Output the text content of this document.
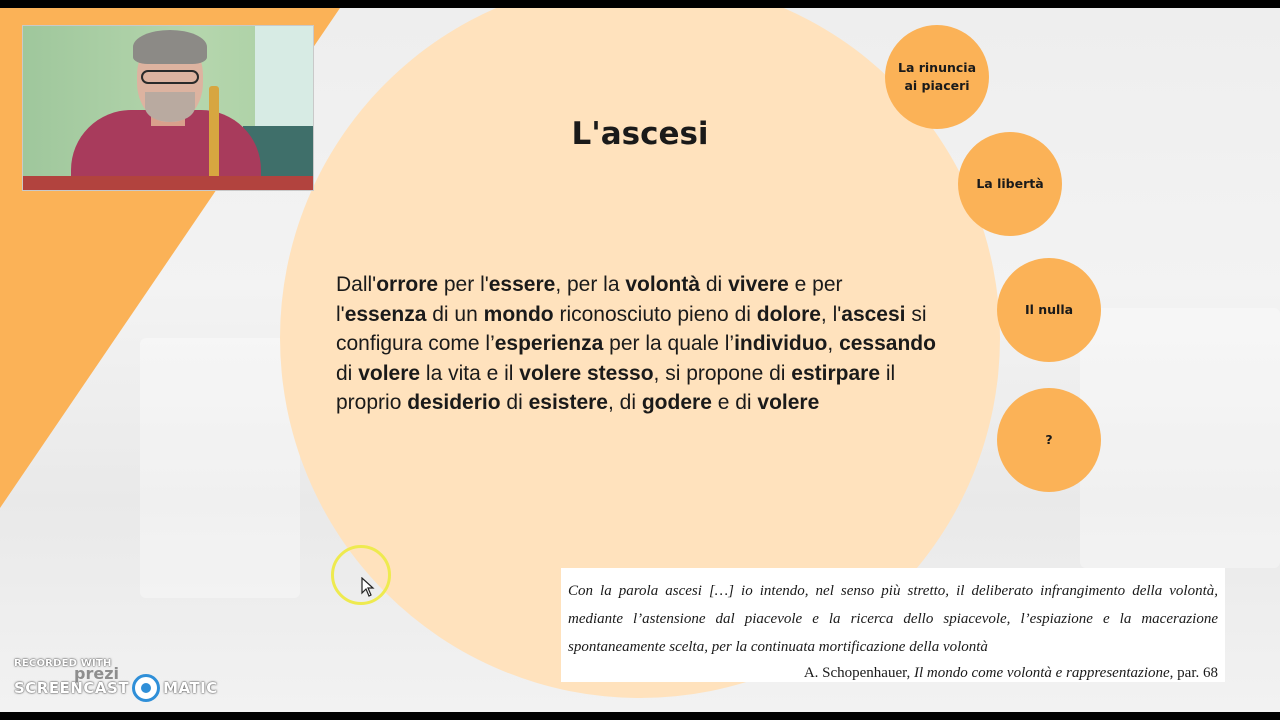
L'ascesi
Dall'orrore per l'essere, per la volontà di vivere e per l'essenza di un mondo riconosciuto pieno di dolore, l'ascesi si configura come l’esperienza per la quale l’individuo, cessando di volere la vita e il volere stesso, si propone di estirpare il proprio desiderio di esistere, di godere e di volere
La rinuncia ai piaceri
La libertà
Il nulla
?
Con la parola ascesi […] io intendo, nel senso più stretto, il deliberato infrangimento della volontà, mediante l’astensione dal piacevole e la ricerca dello spiacevole, l’espiazione e la macerazione spontaneamente scelta, per la continuata mortificazione della volontà
A. Schopenhauer, Il mondo come volontà e rappresentazione, par. 68
prezi
RECORDED WITH
SCREENCAST MATIC
